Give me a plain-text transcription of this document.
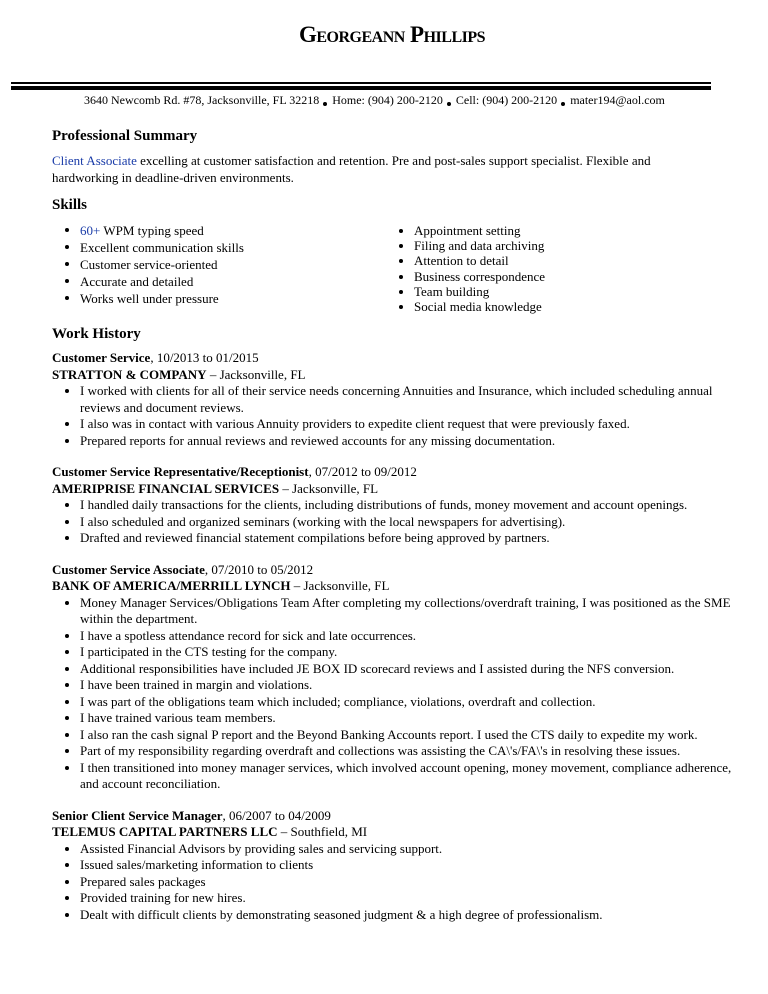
Georgeann Phillips
3640 Newcomb Rd. #78, Jacksonville, FL 32218 Home: (904) 200-2120 Cell: (904) 200-2120 mater194@aol.com
Professional Summary
Client Associate excelling at customer satisfaction and retention. Pre and post-sales support specialist. Flexible and hardworking in deadline-driven environments.
Skills
60+ WPM typing speed
Excellent communication skills
Customer service-oriented
Accurate and detailed
Works well under pressure
Appointment setting
Filing and data archiving
Attention to detail
Business correspondence
Team building
Social media knowledge
Work History
Customer Service, 10/2013 to 01/2015
STRATTON & COMPANY – Jacksonville, FL
I worked with clients for all of their service needs concerning Annuities and Insurance, which included scheduling annual reviews and document reviews.
I also was in contact with various Annuity providers to expedite client request that were previously faxed.
Prepared reports for annual reviews and reviewed accounts for any missing documentation.
Customer Service Representative/Receptionist, 07/2012 to 09/2012
AMERIPRISE FINANCIAL SERVICES – Jacksonville, FL
I handled daily transactions for the clients, including distributions of funds, money movement and account openings.
I also scheduled and organized seminars (working with the local newspapers for advertising).
Drafted and reviewed financial statement compilations before being approved by partners.
Customer Service Associate, 07/2010 to 05/2012
BANK OF AMERICA/MERRILL LYNCH – Jacksonville, FL
Money Manager Services/Obligations Team After completing my collections/overdraft training, I was positioned as the SME within the department.
I have a spotless attendance record for sick and late occurrences.
I participated in the CTS testing for the company.
Additional responsibilities have included JE BOX ID scorecard reviews and I assisted during the NFS conversion.
I have been trained in margin and violations.
I was part of the obligations team which included; compliance, violations, overdraft and collection.
I have trained various team members.
I also ran the cash signal P report and the Beyond Banking Accounts report. I used the CTS daily to expedite my work.
Part of my responsibility regarding overdraft and collections was assisting the CA\'s/FA\'s in resolving these issues.
I then transitioned into money manager services, which involved account opening, money movement, compliance adherence, and account reconciliation.
Senior Client Service Manager, 06/2007 to 04/2009
TELEMUS CAPITAL PARTNERS LLC – Southfield, MI
Assisted Financial Advisors by providing sales and servicing support.
Issued sales/marketing information to clients
Prepared sales packages
Provided training for new hires.
Dealt with difficult clients by demonstrating seasoned judgment & a high degree of professionalism.
